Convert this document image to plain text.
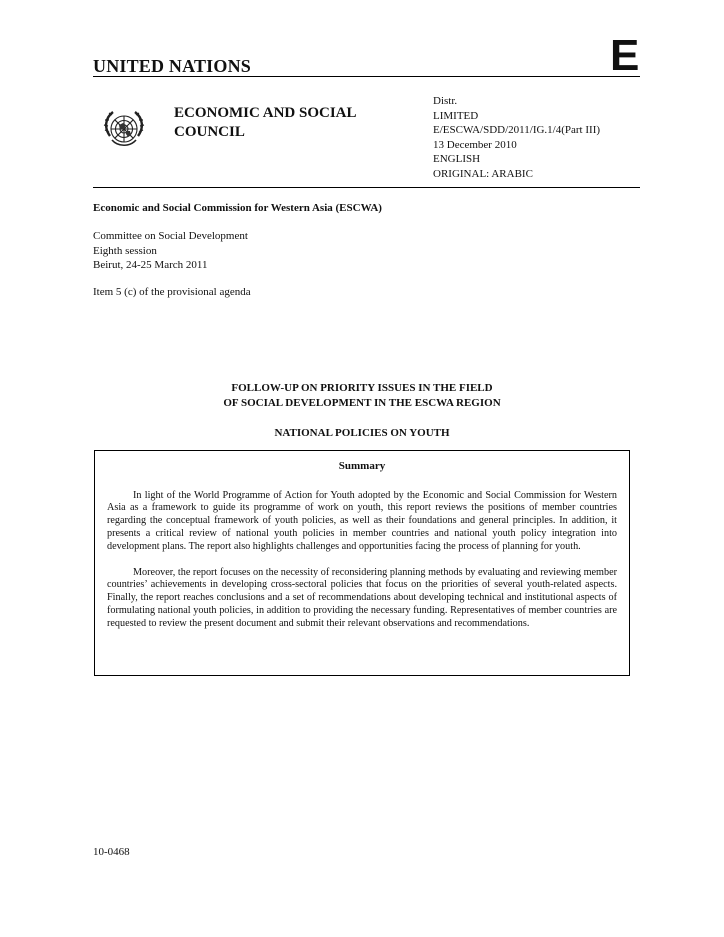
UNITED NATIONS	E
ECONOMIC AND SOCIAL
COUNCIL
Distr.
LIMITED
E/ESCWA/SDD/2011/IG.1/4(Part III)
13 December 2010
ENGLISH
ORIGINAL: ARABIC
Economic and Social Commission for Western Asia (ESCWA)
Committee on Social Development
Eighth session
Beirut, 24-25 March 2011
Item 5 (c) of the provisional agenda
FOLLOW-UP ON PRIORITY ISSUES IN THE FIELD
OF SOCIAL DEVELOPMENT IN THE ESCWA REGION
NATIONAL POLICIES ON YOUTH
Summary

In light of the World Programme of Action for Youth adopted by the Economic and Social Commission for Western Asia as a framework to guide its programme of work on youth, this report reviews the positions of member countries regarding the conceptual framework of youth policies, as well as their foundations and general principles. In addition, it presents a critical review of national youth policies in member countries and national youth policy integration into development plans. The report also highlights challenges and opportunities facing the process of planning for youth.

Moreover, the report focuses on the necessity of reconsidering planning methods by evaluating and reviewing member countries’ achievements in developing cross-sectoral policies that focus on the priorities of several youth-related aspects. Finally, the report reaches conclusions and a set of recommendations about developing technical and institutional aspects of formulating national youth policies, in addition to providing the necessary funding. Representatives of member countries are requested to review the present document and submit their relevant observations and recommendations.

10-0468
